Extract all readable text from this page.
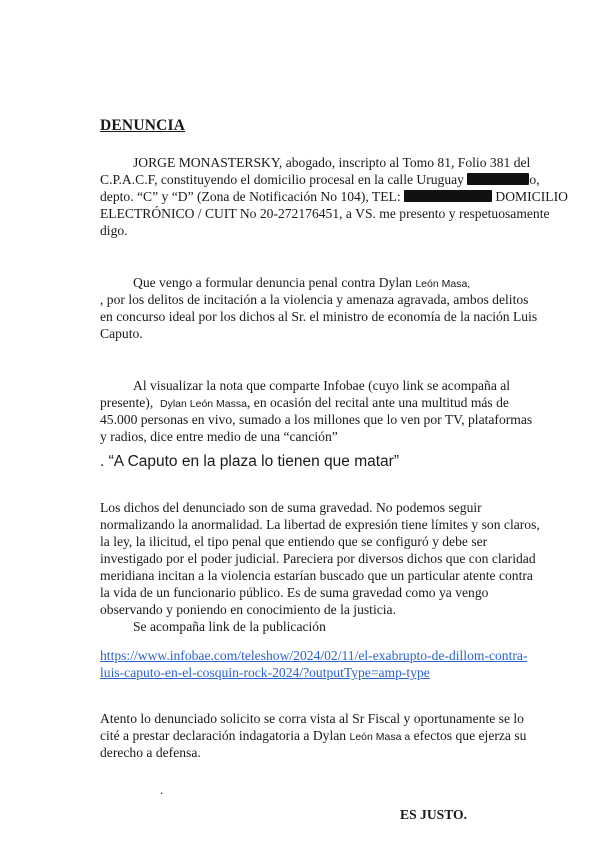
DENUNCIA
JORGE MONASTERSKY, abogado, inscripto al Tomo 81, Folio 381 del
C.P.A.C.F, constituyendo el domicilio procesal en la calle Uruguay	o,
depto. “C” y “D” (Zona de Notificación No 104), TEL:	DOMICILIO
ELECTRÓNICO / CUIT No 20-272176451, a VS. me presento y respetuosamente
digo.
Que vengo a formular denuncia penal contra Dylan León Masa,
, por los delitos de incitación a la violencia y amenaza agravada, ambos delitos
en concurso ideal por los dichos al Sr. el ministro de economía de la nación Luis
Caputo.
Al visualizar la nota que comparte Infobae (cuyo link se acompaña al
presente), Dylan León Massa, en ocasión del recital ante una multitud más de
45.000 personas en vivo, sumado a los millones que lo ven por TV, plataformas
y radios, dice entre medio de una “canción”
. “A Caputo en la plaza lo tienen que matar”
Los dichos del denunciado son de suma gravedad. No podemos seguir
normalizando la anormalidad. La libertad de expresión tiene límites y son claros,
la ley, la ilicitud, el tipo penal que entiendo que se configuró y debe ser
investigado por el poder judicial. Pareciera por diversos dichos que con claridad
meridiana incitan a la violencia estarían buscado que un particular atente contra
la vida de un funcionario público. Es de suma gravedad como ya vengo
observando y poniendo en conocimiento de la justicia.
Se acompaña link de la publicación
https://www.infobae.com/teleshow/2024/02/11/el-exabrupto-de-dillom-contra-
luis-caputo-en-el-cosquin-rock-2024/?outputType=amp-type
Atento lo denunciado solicito se corra vista al Sr Fiscal y oportunamente se lo
cité a prestar declaración indagatoria a Dylan León Masa a efectos que ejerza su
derecho a defensa.
.
ES JUSTO.
